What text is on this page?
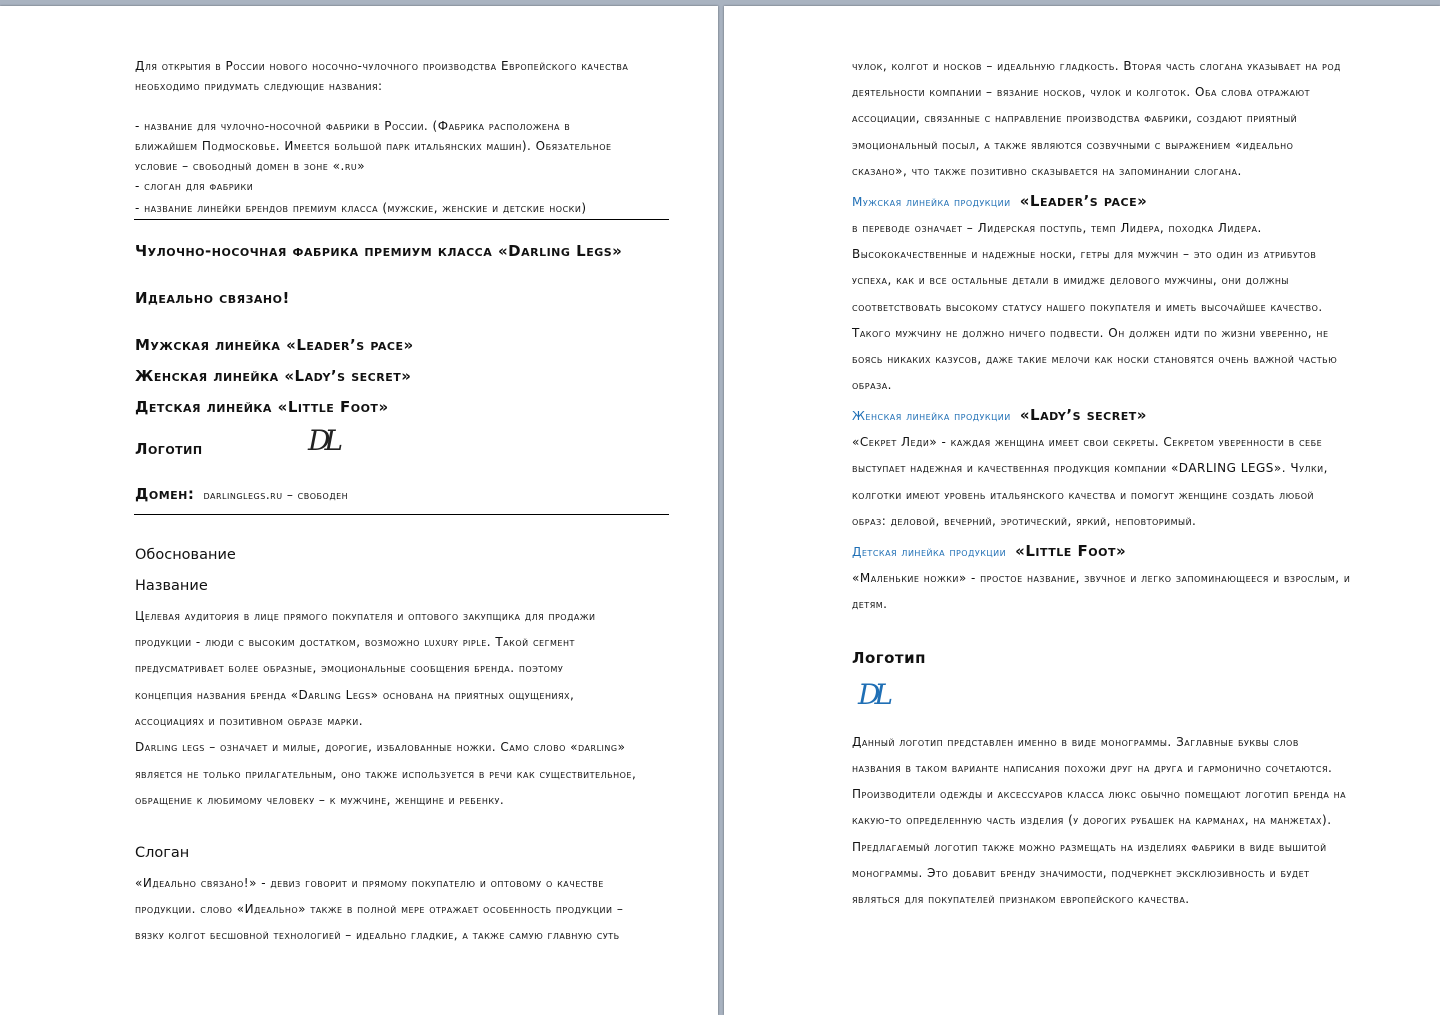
Для открытия в России нового носочно-чулочного производства Европейского качества
необходимо придумать следующие названия:
- название для чулочно-носочной фабрики в России. (Фабрика расположена в
ближайшем Подмосковье. Имеется большой парк итальянских машин). Обязательное
условие – свободный домен в зоне «.ru»
- слоган для фабрики
- название линейки брендов премиум класса (мужские, женские и детские носки)
Чулочно-носочная фабрика премиум класса «Darling Legs»
Идеально связано!
Мужская линейка «Leader’s pace»
Женская линейка «Lady’s secret»
Детская линейка «Little Foot»
Логотип	DL
Домен: darlinglegs.ru – свободен
Обоснование
Название
Целевая аудитория в лице прямого покупателя и оптового закупщика для продажи
продукции - люди с высоким достатком, возможно luxury piple. Такой сегмент
предусматривает более образные, эмоциональные сообщения бренда. поэтому
концепция названия бренда «Darling Legs» основана на приятных ощущениях,
ассоциациях и позитивном образе марки.
Darling legs – означает и милые, дорогие, избалованные ножки. Само слово «darling»
является не только прилагательным, оно также используется в речи как существительное,
обращение к любимому человеку – к мужчине, женщине и ребенку.
Слоган
«Идеально связано!» - девиз говорит и прямому покупателю и оптовому о качестве
продукции. слово «Идеально» также в полной мере отражает особенность продукции –
вязку колгот бесшовной технологией – идеально гладкие, а также самую главную суть
чулок, колгот и носков – идеальную гладкость. Вторая часть слогана указывает на род
деятельности компании – вязание носков, чулок и колготок. Оба слова отражают
ассоциации, связанные с направление производства фабрики, создают приятный
эмоциональный посыл, а также являются созвучными с выражением «идеально
сказано», что также позитивно сказывается на запоминании слогана.
Мужская линейка продукции «Leader’s pace»
в переводе означает – Лидерская поступь, темп Лидера, походка Лидера.
Высококачественные и надежные носки, гетры для мужчин – это один из атрибутов
успеха, как и все остальные детали в имидже делового мужчины, они должны
соответствовать высокому статусу нашего покупателя и иметь высочайшее качество.
Такого мужчину не должно ничего подвести. Он должен идти по жизни уверенно, не
боясь никаких казусов, даже такие мелочи как носки становятся очень важной частью
образа.
Женская линейка продукции «Lady’s secret»
«Секрет Леди» - каждая женщина имеет свои секреты. Секретом уверенности в себе
выступает надежная и качественная продукция компании «DARLING LEGS». Чулки,
колготки имеют уровень итальянского качества и помогут женщине создать любой
образ: деловой, вечерний, эротический, яркий, неповторимый.
Детская линейка продукции «Little Foot»
«Маленькие ножки» - простое название, звучное и легко запоминающееся и взрослым, и
детям.
Логотип
DL
Данный логотип представлен именно в виде монограммы. Заглавные буквы слов
названия в таком варианте написания похожи друг на друга и гармонично сочетаются.
Производители одежды и аксессуаров класса люкс обычно помещают логотип бренда на
какую-то определенную часть изделия (у дорогих рубашек на карманах, на манжетах).
Предлагаемый логотип также можно размещать на изделиях фабрики в виде вышитой
монограммы. Это добавит бренду значимости, подчеркнет эксклюзивность и будет
являться для покупателей признаком европейского качества.
